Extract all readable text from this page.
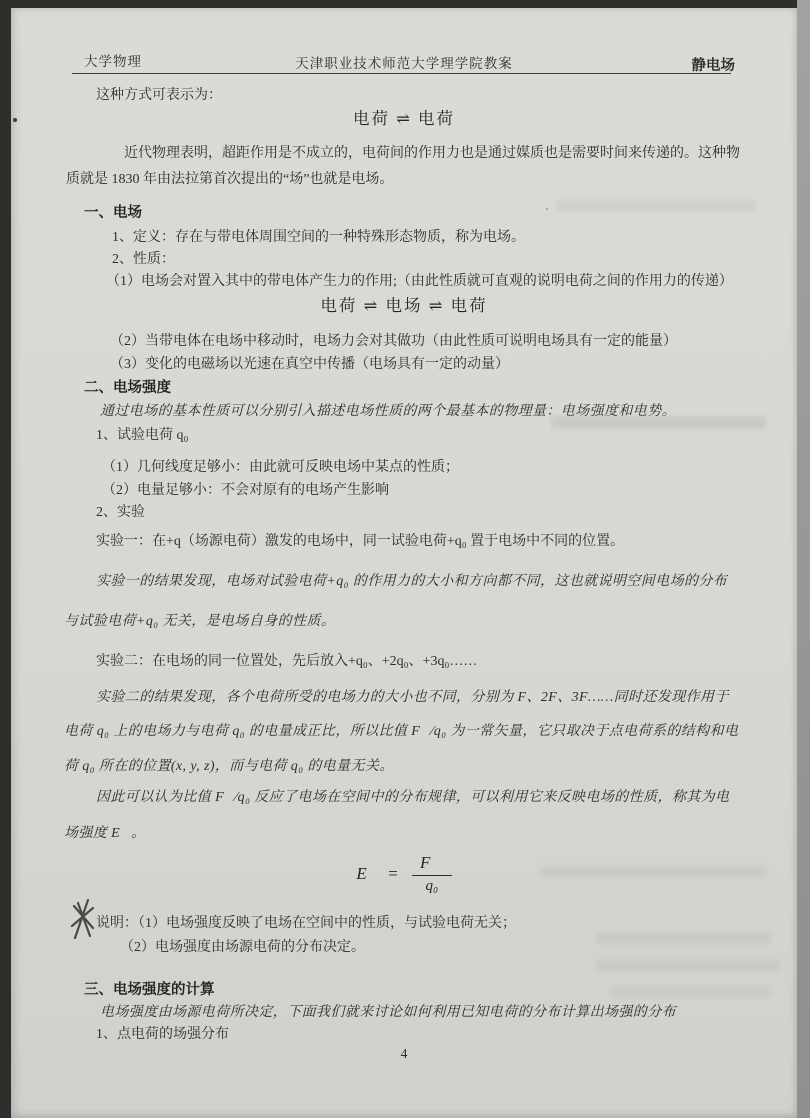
大学物理	天津职业技术师范大学理学院教案	静电场
这种方式可表示为：
电荷 ⇌ 电荷
近代物理表明，超距作用是不成立的，电荷间的作用力也是通过媒质也是需要时间来传递的。这种物
质就是 1830 年由法拉第首次提出的“场”也就是电场。
一、电场
1、定义：存在与带电体周围空间的一种特殊形态物质，称为电场。
2、性质：
（1）电场会对置入其中的带电体产生力的作用;（由此性质就可直观的说明电荷之间的作用力的传递）
电荷 ⇌ 电场 ⇌ 电荷
（2）当带电体在电场中移动时，电场力会对其做功（由此性质可说明电场具有一定的能量）
（3）变化的电磁场以光速在真空中传播（电场具有一定的动量）
二、电场强度
通过电场的基本性质可以分别引入描述电场性质的两个最基本的物理量：电场强度和电势。
1、试验电荷 q₀
（1）几何线度足够小：由此就可反映电场中某点的性质；
（2）电量足够小：不会对原有的电场产生影响
2、实验
实验一：在+q（场源电荷）激发的电场中，同一试验电荷+q₀ 置于电场中不同的位置。
实验一的结果发现，电场对试验电荷+q₀ 的作用力的大小和方向都不同，这也就说明空间电场的分布
与试验电荷+q₀ 无关，是电场自身的性质。
实验二：在电场的同一位置处，先后放入+q₀、+2q₀、+3q₀……
实验二的结果发现，各个电荷所受的电场力的大小也不同，分别为 F、2F、3F……同时还发现作用于
电荷 q₀ 上的电场力与电荷 q₀ 的电量成正比，所以比值 F⃗∕q₀ 为一常矢量，它只取决于点电荷系的结构和电
荷 q₀ 所在的位置(x, y, z)，而与电荷 q₀ 的电量无关。
因此可以认为比值 F⃗∕q₀ 反应了电场在空间中的分布规律，可以利用它来反映电场的性质，称其为电
场强度 E⃗。
E⃗ = $\frac{F⃗}{\text{q₀}}$
说明：（1）电场强度反映了电场在空间中的性质，与试验电荷无关；
（2）电场强度由场源电荷的分布决定。
三、电场强度的计算
电场强度由场源电荷所决定，下面我们就来讨论如何利用已知电荷的分布计算出场强的分布
1、点电荷的场强分布
4
